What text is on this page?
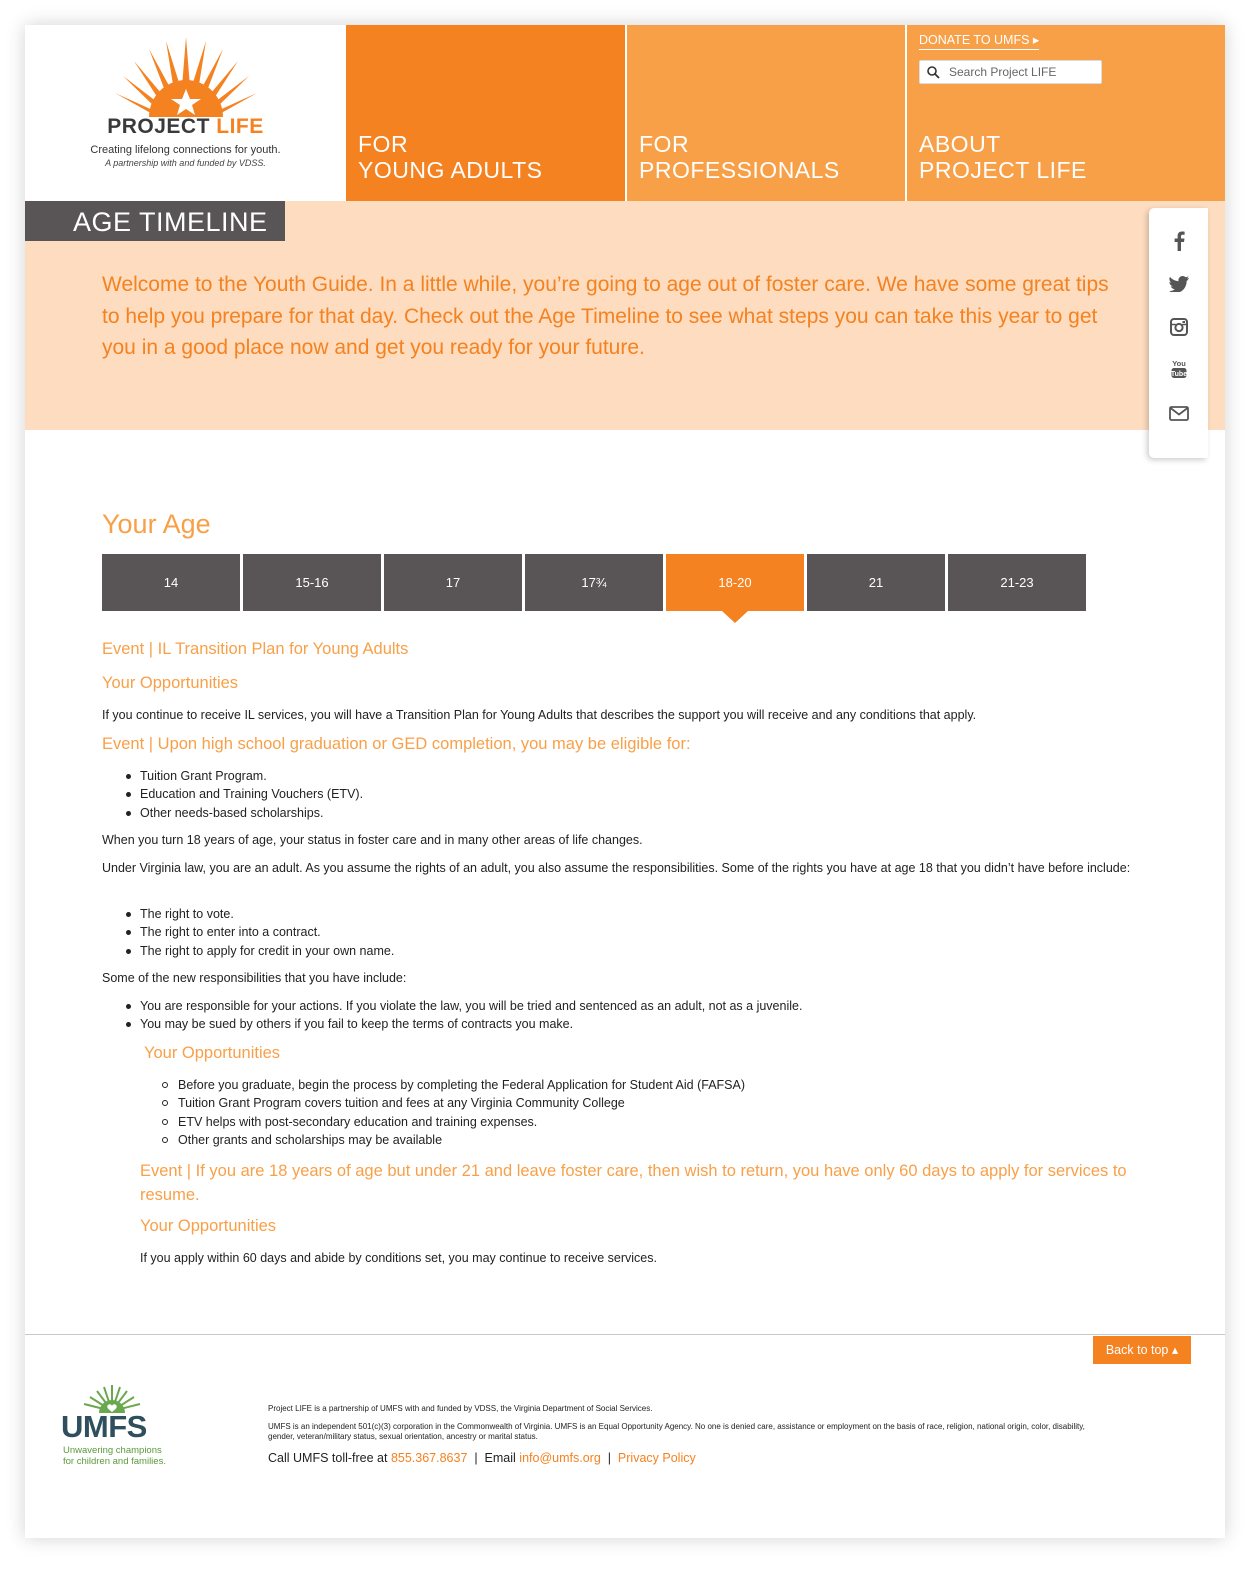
PROJECT LIFE
Creating lifelong connections for youth.
A partnership with and funded by VDSS.
FOR
YOUNG ADULTS
FOR
PROFESSIONALS
DONATE TO UMFS ▸
Search Project LIFE
ABOUT
PROJECT LIFE
AGE TIMELINE
Welcome to the Youth Guide. In a little while, you’re going to age out of foster care. We have some great tips to help you prepare for that day. Check out the Age Timeline to see what steps you can take this year to get you in a good place now and get you ready for your future.
You
Tube
Your Age
14	15-16	17	17¾	18-20	21	21-23
Event | IL Transition Plan for Young Adults
Your Opportunities
If you continue to receive IL services, you will have a Transition Plan for Young Adults that describes the support you will receive and any conditions that apply.
Event | Upon high school graduation or GED completion, you may be eligible for:
Tuition Grant Program.
Education and Training Vouchers (ETV).
Other needs-based scholarships.
When you turn 18 years of age, your status in foster care and in many other areas of life changes.
Under Virginia law, you are an adult. As you assume the rights of an adult, you also assume the responsibilities. Some of the rights you have at age 18 that you didn’t have before include:
The right to vote.
The right to enter into a contract.
The right to apply for credit in your own name.
Some of the new responsibilities that you have include:
You are responsible for your actions. If you violate the law, you will be tried and sentenced as an adult, not as a juvenile.
You may be sued by others if you fail to keep the terms of contracts you make.
Your Opportunities
Before you graduate, begin the process by completing the Federal Application for Student Aid (FAFSA)
Tuition Grant Program covers tuition and fees at any Virginia Community College
ETV helps with post-secondary education and training expenses.
Other grants and scholarships may be available
Event | If you are 18 years of age but under 21 and leave foster care, then wish to return, you have only 60 days to apply for services to resume.
Your Opportunities
If you apply within 60 days and abide by conditions set, you may continue to receive services.
Back to top ▴
UMFS
Unwavering champions
for children and families.
Project LIFE is a partnership of UMFS with and funded by VDSS, the Virginia Department of Social Services.
UMFS is an independent 501(c)(3) corporation in the Commonwealth of Virginia. UMFS is an Equal Opportunity Agency. No one is denied care, assistance or employment on the basis of race, religion, national origin, color, disability, gender, veteran/military status, sexual orientation, ancestry or marital status.
Call UMFS toll-free at 855.367.8637  |  Email info@umfs.org  |  Privacy Policy
